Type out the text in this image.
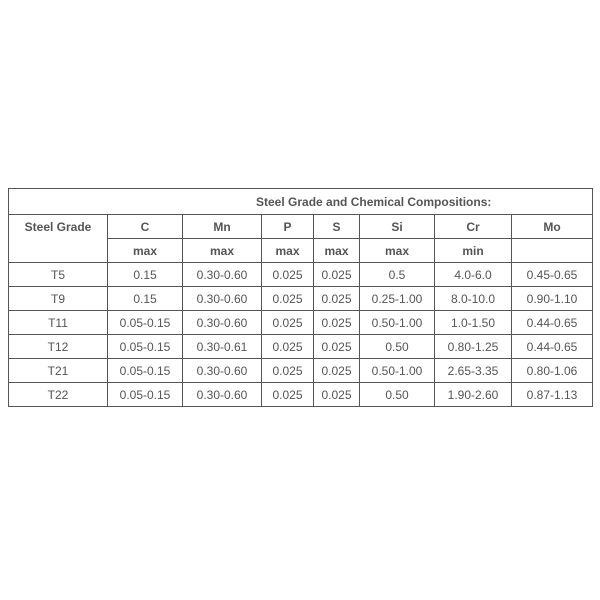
Steel Grade and Chemical Compositions:							
Steel Grade	C	Mn	P	S	Si	Cr	Mo
	max	max	max	max	max	min	
T5	0.15	0.30-0.60	0.025	0.025	0.5	4.0-6.0	0.45-0.65
T9	0.15	0.30-0.60	0.025	0.025	0.25-1.00	8.0-10.0	0.90-1.10
T11	0.05-0.15	0.30-0.60	0.025	0.025	0.50-1.00	1.0-1.50	0.44-0.65
T12	0.05-0.15	0.30-0.61	0.025	0.025	0.50	0.80-1.25	0.44-0.65
T21	0.05-0.15	0.30-0.60	0.025	0.025	0.50-1.00	2.65-3.35	0.80-1.06
T22	0.05-0.15	0.30-0.60	0.025	0.025	0.50	1.90-2.60	0.87-1.13
